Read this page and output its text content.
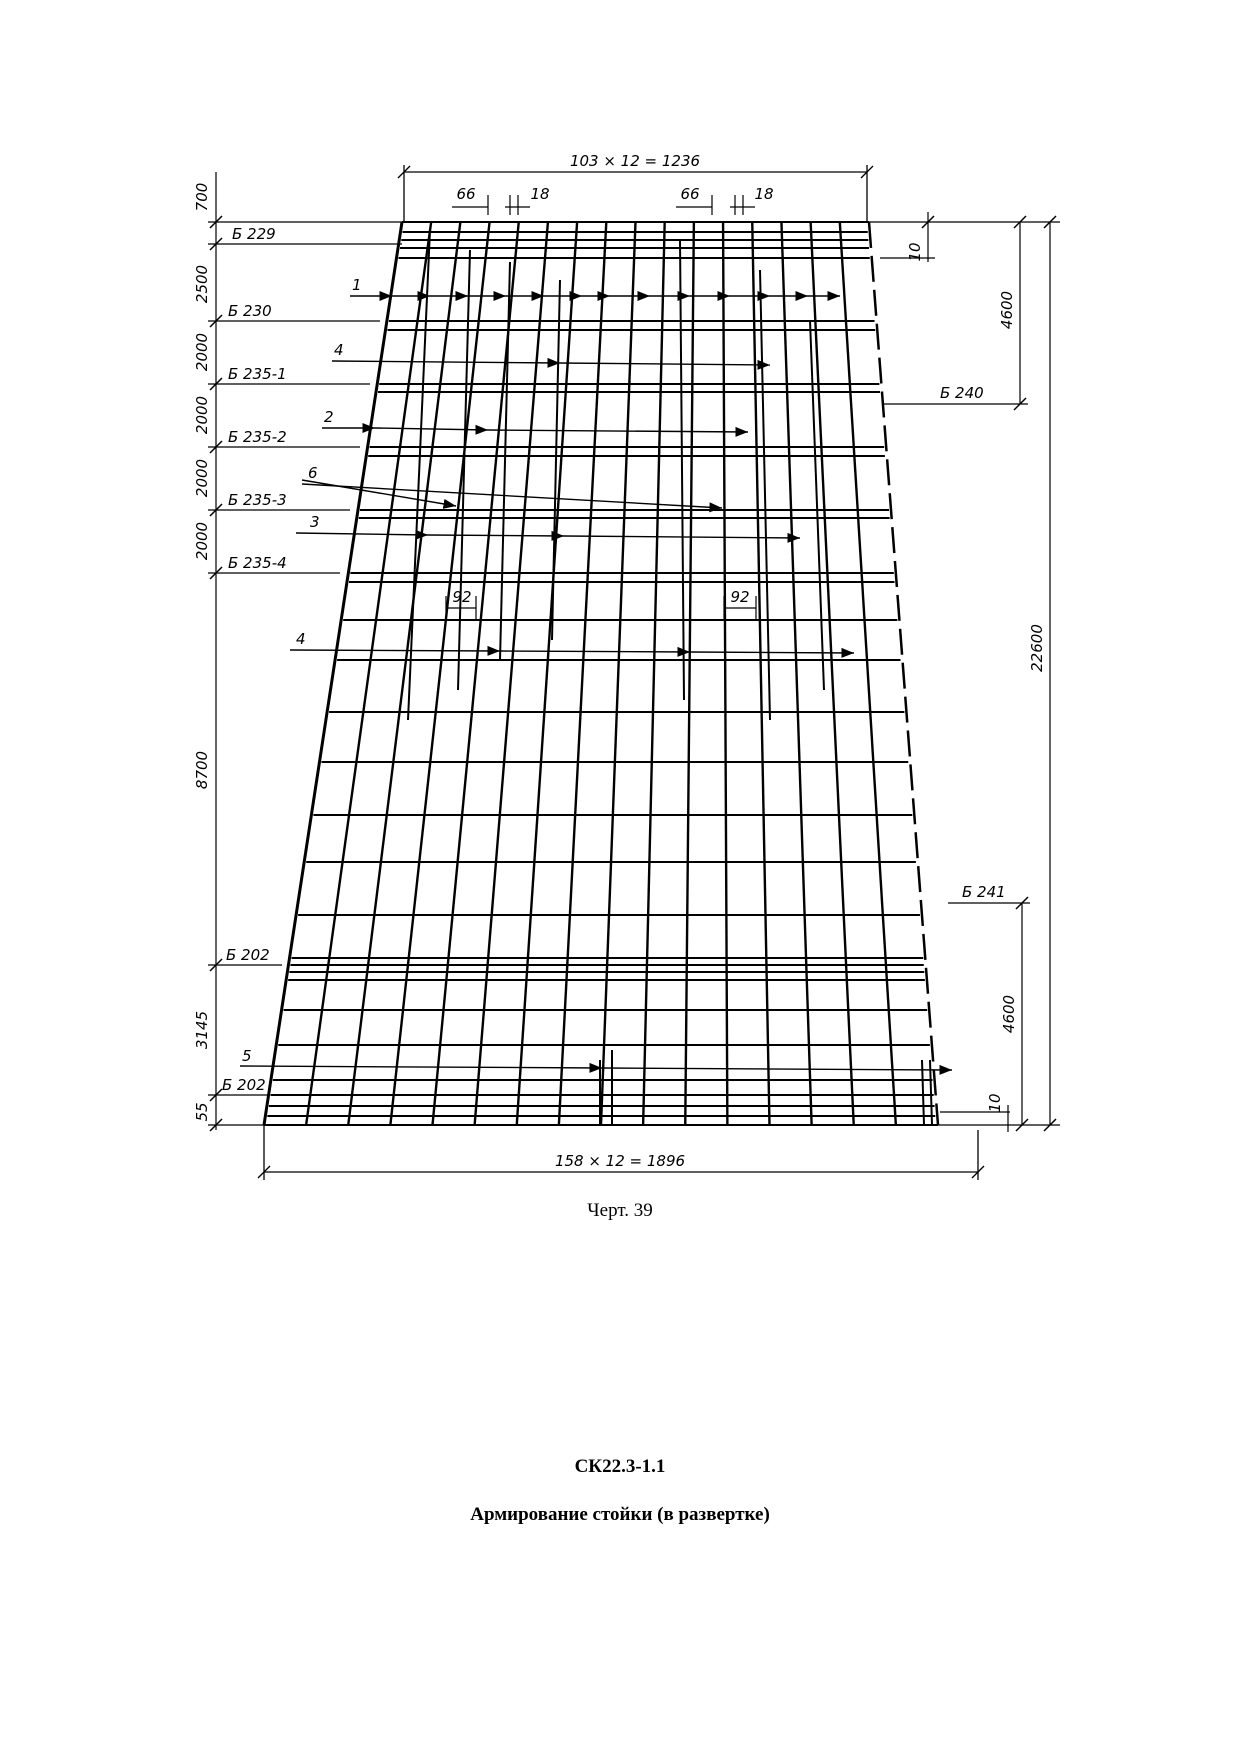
103 × 12 = 1236
66	18	66	18
700
2500
2000
2000
2000
2000
8700
3145
55
Б 229
Б 230
Б 235-1
Б 235-2
Б 235-3
Б 235-4
Б 202
Б 202
10
4600
22600
4600
10
Б 240
Б 241
158 × 12 = 1896
92	92
1
4
2
6
3
4
5
Черт. 39
СК22.3-1.1
Армирование стойки (в развертке)
